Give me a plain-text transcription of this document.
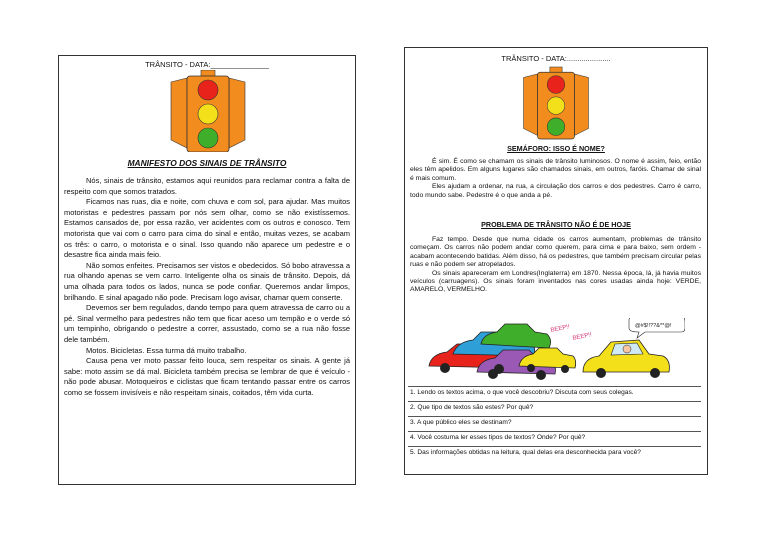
TRÂNSITO - DATA:______________
MANIFESTO DOS SINAIS DE TRÂNSITO

Nós, sinais de trânsito, estamos aqui reunidos para reclamar contra a falta de respeito com que somos tratados.

Ficamos nas ruas, dia e noite, com chuva e com sol, para ajudar. Mas muitos motoristas e pedestres passam por nós sem olhar, como se não existíssemos. Estamos cansados de, por essa razão, ver acidentes com os outros e conosco. Tem motorista que vai com o carro para cima do sinal e então, muitas vezes, se acabam os três: o carro, o motorista e o sinal. Isso quando não aparece um pedestre e o desastre fica ainda mais feio.

Não somos enfeites. Precisamos ser vistos e obedecidos. Só bobo atravessa a rua olhando apenas se vem carro. Inteligente olha os sinais de trânsito. Depois, dá uma olhada para todos os lados, nunca se pode confiar. Queremos andar limpos, brilhando. E sinal apagado não pode. Precisam logo avisar, chamar quem conserte.

Devemos ser bem regulados, dando tempo para quem atravessa de carro ou a pé. Sinal vermelho para pedestres não tem que ficar aceso um tempão e o verde só um tempinho, obrigando o pedestre a correr, assustado, como se a rua não fosse dele também.

Motos. Bicicletas. Essa turma dá muito trabalho.

Causa pena ver moto passar feito louca, sem respeitar os sinais. A gente já sabe: moto assim se dá mal. Bicicleta também precisa se lembrar de que é veículo - não pode abusar. Motoqueiros e ciclistas que ficam tentando passar entre os carros como se fossem invisíveis e não respeitam sinais, coitados, têm vida curta.

TRÂNSITO - DATA:.....................
SEMÁFORO: ISSO É NOME?

É sim. É como se chamam os sinais de trânsito luminosos. O nome é assim, feio, então eles têm apelidos. Em alguns lugares são chamados sinais, em outros, faróis. Chamar de sinal é mais comum.

Eles ajudam a ordenar, na rua, a circulação dos carros e dos pedestres. Carro é carro, todo mundo sabe. Pedestre é o que anda a pé.

PROBLEMA DE TRÂNSITO NÃO É DE HOJE

Faz tempo. Desde que numa cidade os carros aumentam, problemas de trânsito começam. Os carros não podem andar como querem, para cima e para baixo, sem ordem - acabam acontecendo batidas. Além disso, há os pedestres, que também precisam circular pelas ruas e não podem ser atropelados.

Os sinais apareceram em Londres(Inglaterra) em 1870. Nessa época, lá, já havia muitos veículos (carruagens). Os sinais foram inventados nas cores usadas ainda hoje: VERDE, AMARELO, VERMELHO.

BEEP!!
BEEP!!
@#$!!??&**@!
1. Lendo os textos acima, o que você descobriu? Discuta com seus colegas.
2. Que tipo de textos são estes? Por quê?
3. A que público eles se destinam?
4. Você costuma ler esses tipos de textos? Onde? Por quê?
5. Das informações obtidas na leitura, qual delas era desconhecida para você?
